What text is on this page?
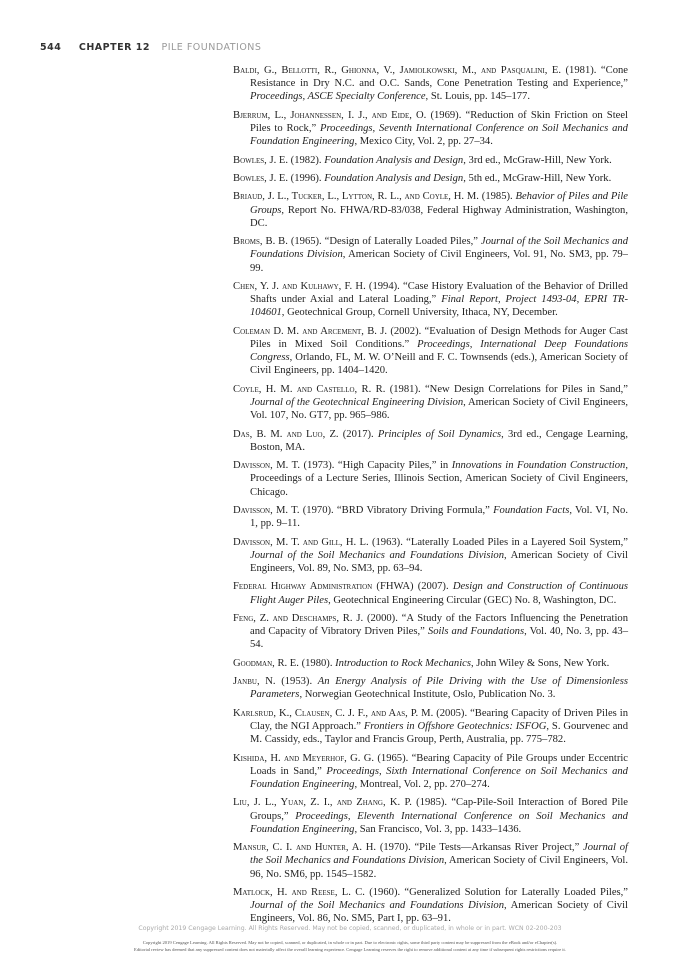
544 CHAPTER 12 PILE FOUNDATIONS
Baldi, G., Bellotti, R., Ghionna, V., Jamiolkowski, M., and Pasqualini, E. (1981). “Cone Resistance in Dry N.C. and O.C. Sands, Cone Penetration Testing and Experience,” Proceedings, ASCE Specialty Conference, St. Louis, pp. 145–177.
Bjerrum, L., Johannessen, I. J., and Eide, O. (1969). “Reduction of Skin Friction on Steel Piles to Rock,” Proceedings, Seventh International Conference on Soil Mechanics and Foundation Engineering, Mexico City, Vol. 2, pp. 27–34.
Bowles, J. E. (1982). Foundation Analysis and Design, 3rd ed., McGraw-Hill, New York.
Bowles, J. E. (1996). Foundation Analysis and Design, 5th ed., McGraw-Hill, New York.
Briaud, J. L., Tucker, L., Lytton, R. L., and Coyle, H. M. (1985). Behavior of Piles and Pile Groups, Report No. FHWA/RD-83/038, Federal Highway Administration, Washington, DC.
Broms, B. B. (1965). “Design of Laterally Loaded Piles,” Journal of the Soil Mechanics and Foundations Division, American Society of Civil Engineers, Vol. 91, No. SM3, pp. 79–99.
Chen, Y. J. and Kulhawy, F. H. (1994). “Case History Evaluation of the Behavior of Drilled Shafts under Axial and Lateral Loading,” Final Report, Project 1493-04, EPRI TR-104601, Geotechnical Group, Cornell University, Ithaca, NY, December.
Coleman D. M. and Arcement, B. J. (2002). “Evaluation of Design Methods for Auger Cast Piles in Mixed Soil Conditions.” Proceedings, International Deep Foundations Congress, Orlando, FL, M. W. O’Neill and F. C. Townsends (eds.), American Society of Civil Engineers, pp. 1404–1420.
Coyle, H. M. and Castello, R. R. (1981). “New Design Correlations for Piles in Sand,” Journal of the Geotechnical Engineering Division, American Society of Civil Engineers, Vol. 107, No. GT7, pp. 965–986.
Das, B. M. and Luo, Z. (2017). Principles of Soil Dynamics, 3rd ed., Cengage Learning, Boston, MA.
Davisson, M. T. (1973). “High Capacity Piles,” in Innovations in Foundation Construction, Proceedings of a Lecture Series, Illinois Section, American Society of Civil Engineers, Chicago.
Davisson, M. T. (1970). “BRD Vibratory Driving Formula,” Foundation Facts, Vol. VI, No. 1, pp. 9–11.
Davisson, M. T. and Gill, H. L. (1963). “Laterally Loaded Piles in a Layered Soil System,” Journal of the Soil Mechanics and Foundations Division, American Society of Civil Engineers, Vol. 89, No. SM3, pp. 63–94.
Federal Highway Administration (FHWA) (2007). Design and Construction of Continuous Flight Auger Piles, Geotechnical Engineering Circular (GEC) No. 8, Washington, DC.
Feng, Z. and Deschamps, R. J. (2000). “A Study of the Factors Influencing the Penetration and Capacity of Vibratory Driven Piles,” Soils and Foundations, Vol. 40, No. 3, pp. 43–54.
Goodman, R. E. (1980). Introduction to Rock Mechanics, John Wiley & Sons, New York.
Janbu, N. (1953). An Energy Analysis of Pile Driving with the Use of Dimensionless Parameters, Norwegian Geotechnical Institute, Oslo, Publication No. 3.
Karlsrud, K., Clausen, C. J. F., and Aas, P. M. (2005). “Bearing Capacity of Driven Piles in Clay, the NGI Approach.” Frontiers in Offshore Geotechnics: ISFOG, S. Gourvenec and M. Cassidy, eds., Taylor and Francis Group, Perth, Australia, pp. 775–782.
Kishida, H. and Meyerhof, G. G. (1965). “Bearing Capacity of Pile Groups under Eccentric Loads in Sand,” Proceedings, Sixth International Conference on Soil Mechanics and Foundation Engineering, Montreal, Vol. 2, pp. 270–274.
Liu, J. L., Yuan, Z. I., and Zhang, K. P. (1985). “Cap-Pile-Soil Interaction of Bored Pile Groups,” Proceedings, Eleventh International Conference on Soil Mechanics and Foundation Engineering, San Francisco, Vol. 3, pp. 1433–1436.
Mansur, C. I. and Hunter, A. H. (1970). “Pile Tests—Arkansas River Project,” Journal of the Soil Mechanics and Foundations Division, American Society of Civil Engineers, Vol. 96, No. SM6, pp. 1545–1582.
Matlock, H. and Reese, L. C. (1960). “Generalized Solution for Laterally Loaded Piles,” Journal of the Soil Mechanics and Foundations Division, American Society of Civil Engineers, Vol. 86, No. SM5, Part I, pp. 63–91.
Copyright 2019 Cengage Learning. All Rights Reserved. May not be copied, scanned, or duplicated, in whole or in part. WCN 02-200-203
Copyright 2019 Cengage Learning. All Rights Reserved. May not be copied, scanned, or duplicated, in whole or in part. Due to electronic rights, some third party content may be suppressed from the eBook and/or eChapter(s).
Editorial review has deemed that any suppressed content does not materially affect the overall learning experience. Cengage Learning reserves the right to remove additional content at any time if subsequent rights restrictions require it.
